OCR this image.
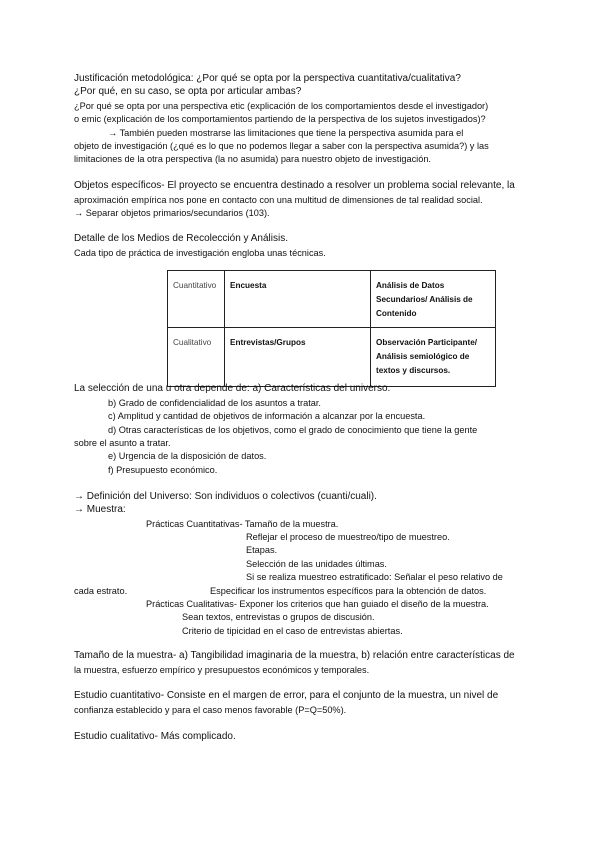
Justificación metodológica: ¿Por qué se opta por la perspectiva cuantitativa/cualitativa?
¿Por qué, en su caso, se opta por articular ambas?
¿Por qué se opta por una perspectiva etic (explicación de los comportamientos desde el investigador)
o emic (explicación de los comportamientos partiendo de la perspectiva de los sujetos investigados)?
→ También pueden mostrarse las limitaciones que tiene la perspectiva asumida para el
objeto de investigación (¿qué es lo que no podemos llegar a saber con la perspectiva asumida?) y las
limitaciones de la otra perspectiva (la no asumida) para nuestro objeto de investigación.
Objetos específicos- El proyecto se encuentra destinado a resolver un problema social relevante, la
aproximación empírica nos pone en contacto con una multitud de dimensiones de tal realidad social.
→ Separar objetos primarios/secundarios (103).
Detalle de los Medios de Recolección y Análisis.
Cada tipo de práctica de investigación engloba unas técnicas.
Cuantitativo	Encuesta	Análisis de Datos Secundarios/ Análisis de Contenido
Cualitativo	Entrevistas/Grupos	Observación Participante/ Análisis semiológico de textos y discursos.
La selección de una u otra depende de: a) Características del universo.
b) Grado de confidencialidad de los asuntos a tratar.
c) Amplitud y cantidad de objetivos de información a alcanzar por la encuesta.
d) Otras características de los objetivos, como el grado de conocimiento que tiene la gente
sobre el asunto a tratar.
e) Urgencia de la disposición de datos.
f) Presupuesto económico.
→ Definición del Universo: Son individuos o colectivos (cuanti/cuali).
→ Muestra:
Prácticas Cuantitativas- Tamaño de la muestra.
Reflejar el proceso de muestreo/tipo de muestreo.
Etapas.
Selección de las unidades últimas.
Si se realiza muestreo estratificado: Señalar el peso relativo de
cada estrato.	Especificar los instrumentos específicos para la obtención de datos.
Prácticas Cualitativas- Exponer los criterios que han guiado el diseño de la muestra.
Sean textos, entrevistas o grupos de discusión.
Criterio de tipicidad en el caso de entrevistas abiertas.
Tamaño de la muestra- a) Tangibilidad imaginaria de la muestra, b) relación entre características de
la muestra, esfuerzo empírico y presupuestos económicos y temporales.
Estudio cuantitativo- Consiste en el margen de error, para el conjunto de la muestra, un nivel de
confianza establecido y para el caso menos favorable (P=Q=50%).
Estudio cualitativo- Más complicado.
